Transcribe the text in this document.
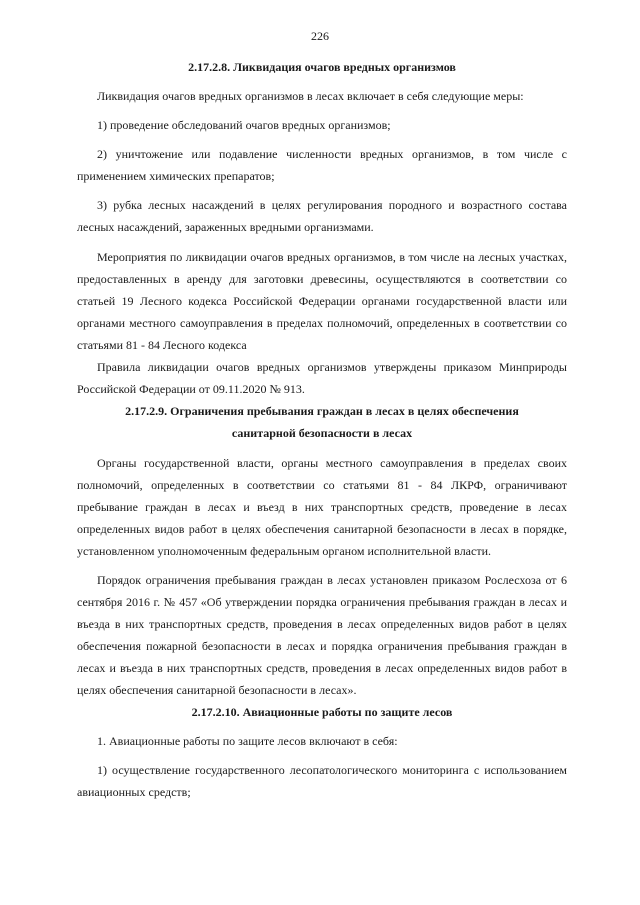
226

2.17.2.8. Ликвидация очагов вредных организмов

Ликвидация очагов вредных организмов в лесах включает в себя следующие меры:

1) проведение обследований очагов вредных организмов;

2) уничтожение или подавление численности вредных организмов, в том числе с применением химических препаратов;

3) рубка лесных насаждений в целях регулирования породного и возрастного состава лесных насаждений, зараженных вредными организмами.

Мероприятия по ликвидации очагов вредных организмов, в том числе на лесных участках, предоставленных в аренду для заготовки древесины, осуществляются в соответствии со статьей 19 Лесного кодекса Российской Федерации органами государственной власти или органами местного самоуправления в пределах полномочий, определенных в соответствии со статьями 81 - 84 Лесного кодекса

Правила ликвидации очагов вредных организмов утверждены приказом Минприроды Российской Федерации от 09.11.2020 № 913.

2.17.2.9. Ограничения пребывания граждан в лесах в целях обеспечения

санитарной безопасности в лесах

Органы государственной власти, органы местного самоуправления в пределах своих полномочий, определенных в соответствии со статьями 81 - 84 ЛКРФ, ограничивают пребывание граждан в лесах и въезд в них транспортных средств, проведение в лесах определенных видов работ в целях обеспечения санитарной безопасности в лесах в порядке, установленном уполномоченным федеральным органом исполнительной власти.

Порядок ограничения пребывания граждан в лесах установлен приказом Рослесхоза от 6 сентября 2016 г. № 457 «Об утверждении порядка ограничения пребывания граждан в лесах и въезда в них транспортных средств, проведения в лесах определенных видов работ в целях обеспечения пожарной безопасности в лесах и порядка ограничения пребывания граждан в лесах и въезда в них транспортных средств, проведения в лесах определенных видов работ в целях обеспечения санитарной безопасности в лесах».

2.17.2.10. Авиационные работы по защите лесов

1. Авиационные работы по защите лесов включают в себя:

1) осуществление государственного лесопатологического мониторинга с использованием авиационных средств;
